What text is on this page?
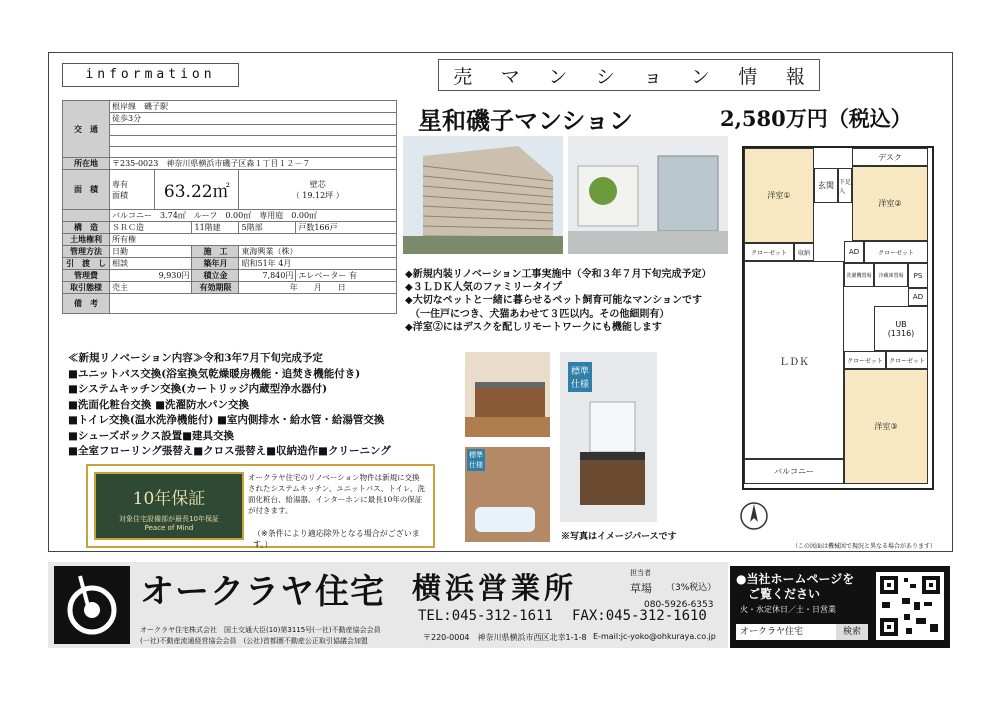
information	売 マ ン シ ョ ン 情 報
交　通	根岸線　磯子駅				
	徒歩3分				

所在地	〒235-0023　神奈川県横浜市磯子区森１丁目１２－７				
面　積	専有
面積	63.22㎡		壁芯
（ 19.12坪 ）	
	バルコニー　3.74㎡　ルーフ　0.00㎡　専用庭　0.00㎡				
構　造	ＳＲＣ造		11階建	5階部	戸数166戸
土地権利	所有権				
管理方法	日勤		施　工	東海興業（株）	
引　渡　し	相談		築年月	昭和51年 4月	
管理費	9,930円		積立金	7,840円	エレベーター 有
取引態様	売主		有効期限	年　　月　　日	
備　考					
星和磯子マンション	2,580万円（税込）
◆新規内装リノベーション工事実施中（令和３年７月下旬完成予定）
◆３ＬＤＫ人気のファミリータイプ
◆大切なペットと一緒に暮らせるペット飼育可能なマンションです
　（一住戸につき、犬猫あわせて３匹以内。その他細則有）
◆洋室②にはデスクを配しリモートワークにも機能します
≪新規リノベーション内容≫令和3年7月下旬完成予定
■ユニットバス交換(浴室換気乾燥暖房機能・追焚き機能付き)
■システムキッチン交換(カートリッジ内蔵型浄水器付)
■洗面化粧台交換 ■洗濯防水パン交換
■トイレ交換(温水洗浄機能付) ■室内側排水・給水管・給湯管交換
■シューズボックス設置■建具交換
■全室フローリング張替え■クロス張替え■収納造作■クリーニング
10年保証
対象住宅設備部が最長10年保証
Peace of Mind
オークラヤ住宅のリノベーション物件は新規に交換されたシステムキッチン、ユニットバス、トイレ、洗面化粧台、給湯器、インターホンに最長10年の保証が付きます。
（※条件により適応除外となる場合がございます。）
標準
仕様
標準
仕様
※写真はイメージパースです
洋室①
玄関 下足入
デスク
洋室②
クローゼット	収納	AD	クローゼット
PS
AD
洗濯機置場	冷蔵庫置場
UB
(1316)
クローゼット	クローゼット
ＬＤＫ
洋室③
バルコニー
（この図面は機械図で現況と異なる場合があります）
オークラヤ住宅 横浜営業所	担当者
草場 （3%税込）
080-5926-6353
TEL:045-312-1611 FAX:045-312-1610
オークラヤ住宅株式会社　国土交通大臣(10)第3115号(一社)不動産協会会員
(一社)不動産流通経営協会会員　(公社)首都圏不動産公正取引協議会加盟	〒220-0004　神奈川県横浜市西区北幸1-1-8 E-mail:jc-yoko@ohkuraya.co.jp
●当社ホームページを
　ご覧ください
火・水定休日／土・日営業
オークラヤ住宅	検索
